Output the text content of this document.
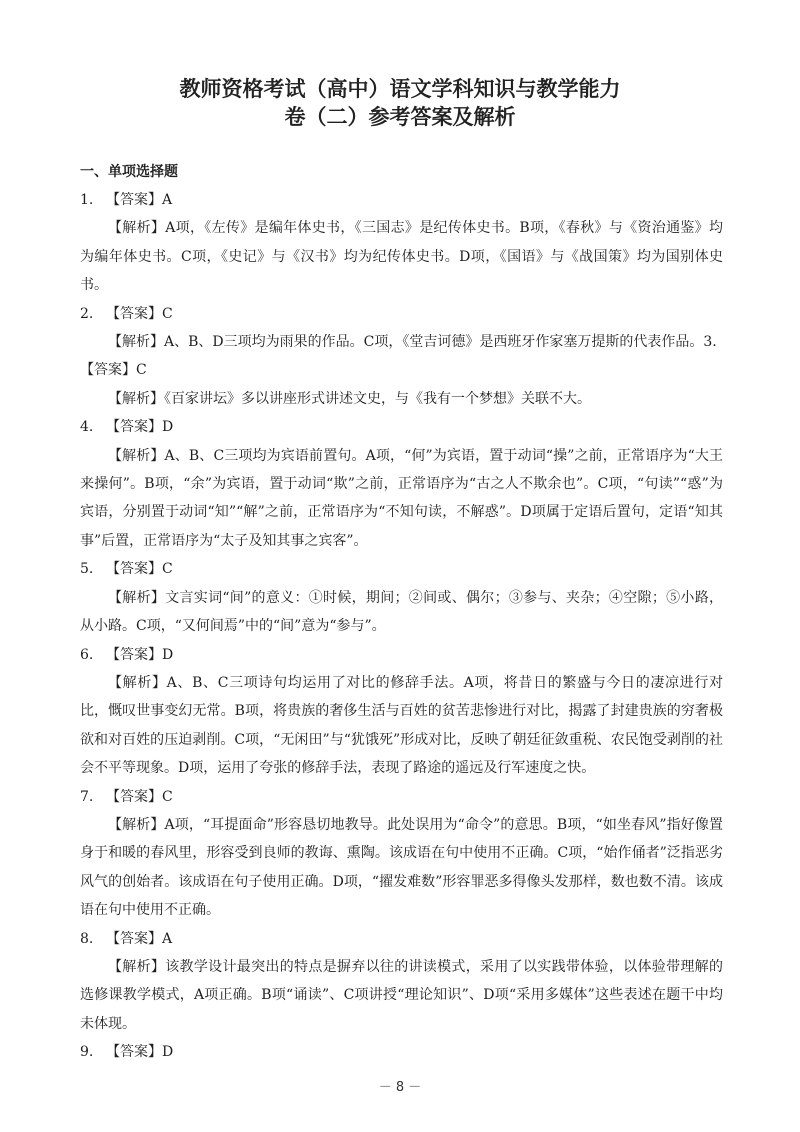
教师资格考试（高中）语文学科知识与教学能力
卷（二）参考答案及解析
一、单项选择题

1. 【答案】A

【解析】A项，《左传》是编年体史书，《三国志》是纪传体史书。B项，《春秋》与《资治通鉴》均为编年体史书。C项，《史记》与《汉书》均为纪传体史书。D项，《国语》与《战国策》均为国别体史书。

2. 【答案】C

【解析】A、B、D三项均为雨果的作品。C项，《堂吉诃德》是西班牙作家塞万提斯的代表作品。3.

【答案】C

【解析】《百家讲坛》多以讲座形式讲述文史，与《我有一个梦想》关联不大。

4. 【答案】D

【解析】A、B、C三项均为宾语前置句。A项，“何”为宾语，置于动词“操”之前，正常语序为“大王来操何”。B项，“余”为宾语，置于动词“欺”之前，正常语序为“古之人不欺余也”。C项，“句读”“惑”为宾语，分别置于动词“知”“解”之前，正常语序为“不知句读，不解惑”。D项属于定语后置句，定语“知其事”后置，正常语序为“太子及知其事之宾客”。

5. 【答案】C

【解析】文言实词“间”的意义：①时候，期间；②间或、偶尔；③参与、夹杂；④空隙；⑤小路，从小路。C项，“又何间焉”中的“间”意为“参与”。

6. 【答案】D

【解析】A、B、C三项诗句均运用了对比的修辞手法。A项，将昔日的繁盛与今日的凄凉进行对比，慨叹世事变幻无常。B项，将贵族的奢侈生活与百姓的贫苦悲惨进行对比，揭露了封建贵族的穷奢极欲和对百姓的压迫剥削。C项，“无闲田”与“犹饿死”形成对比，反映了朝廷征敛重税、农民饱受剥削的社会不平等现象。D项，运用了夸张的修辞手法，表现了路途的遥远及行军速度之快。

7. 【答案】C

【解析】A项，“耳提面命”形容恳切地教导。此处误用为“命令”的意思。B项，“如坐春风”指好像置身于和暖的春风里，形容受到良师的教诲、熏陶。该成语在句中使用不正确。C项，“始作俑者”泛指恶劣风气的创始者。该成语在句子使用正确。D项，“擢发难数”形容罪恶多得像头发那样，数也数不清。该成语在句中使用不正确。

8. 【答案】A

【解析】该教学设计最突出的特点是摒弃以往的讲读模式，采用了以实践带体验，以体验带理解的选修课教学模式，A项正确。B项“诵读”、C项讲授“理论知识”、D项“采用多媒体”这些表述在题干中均未体现。

9. 【答案】D

－ 8 －
